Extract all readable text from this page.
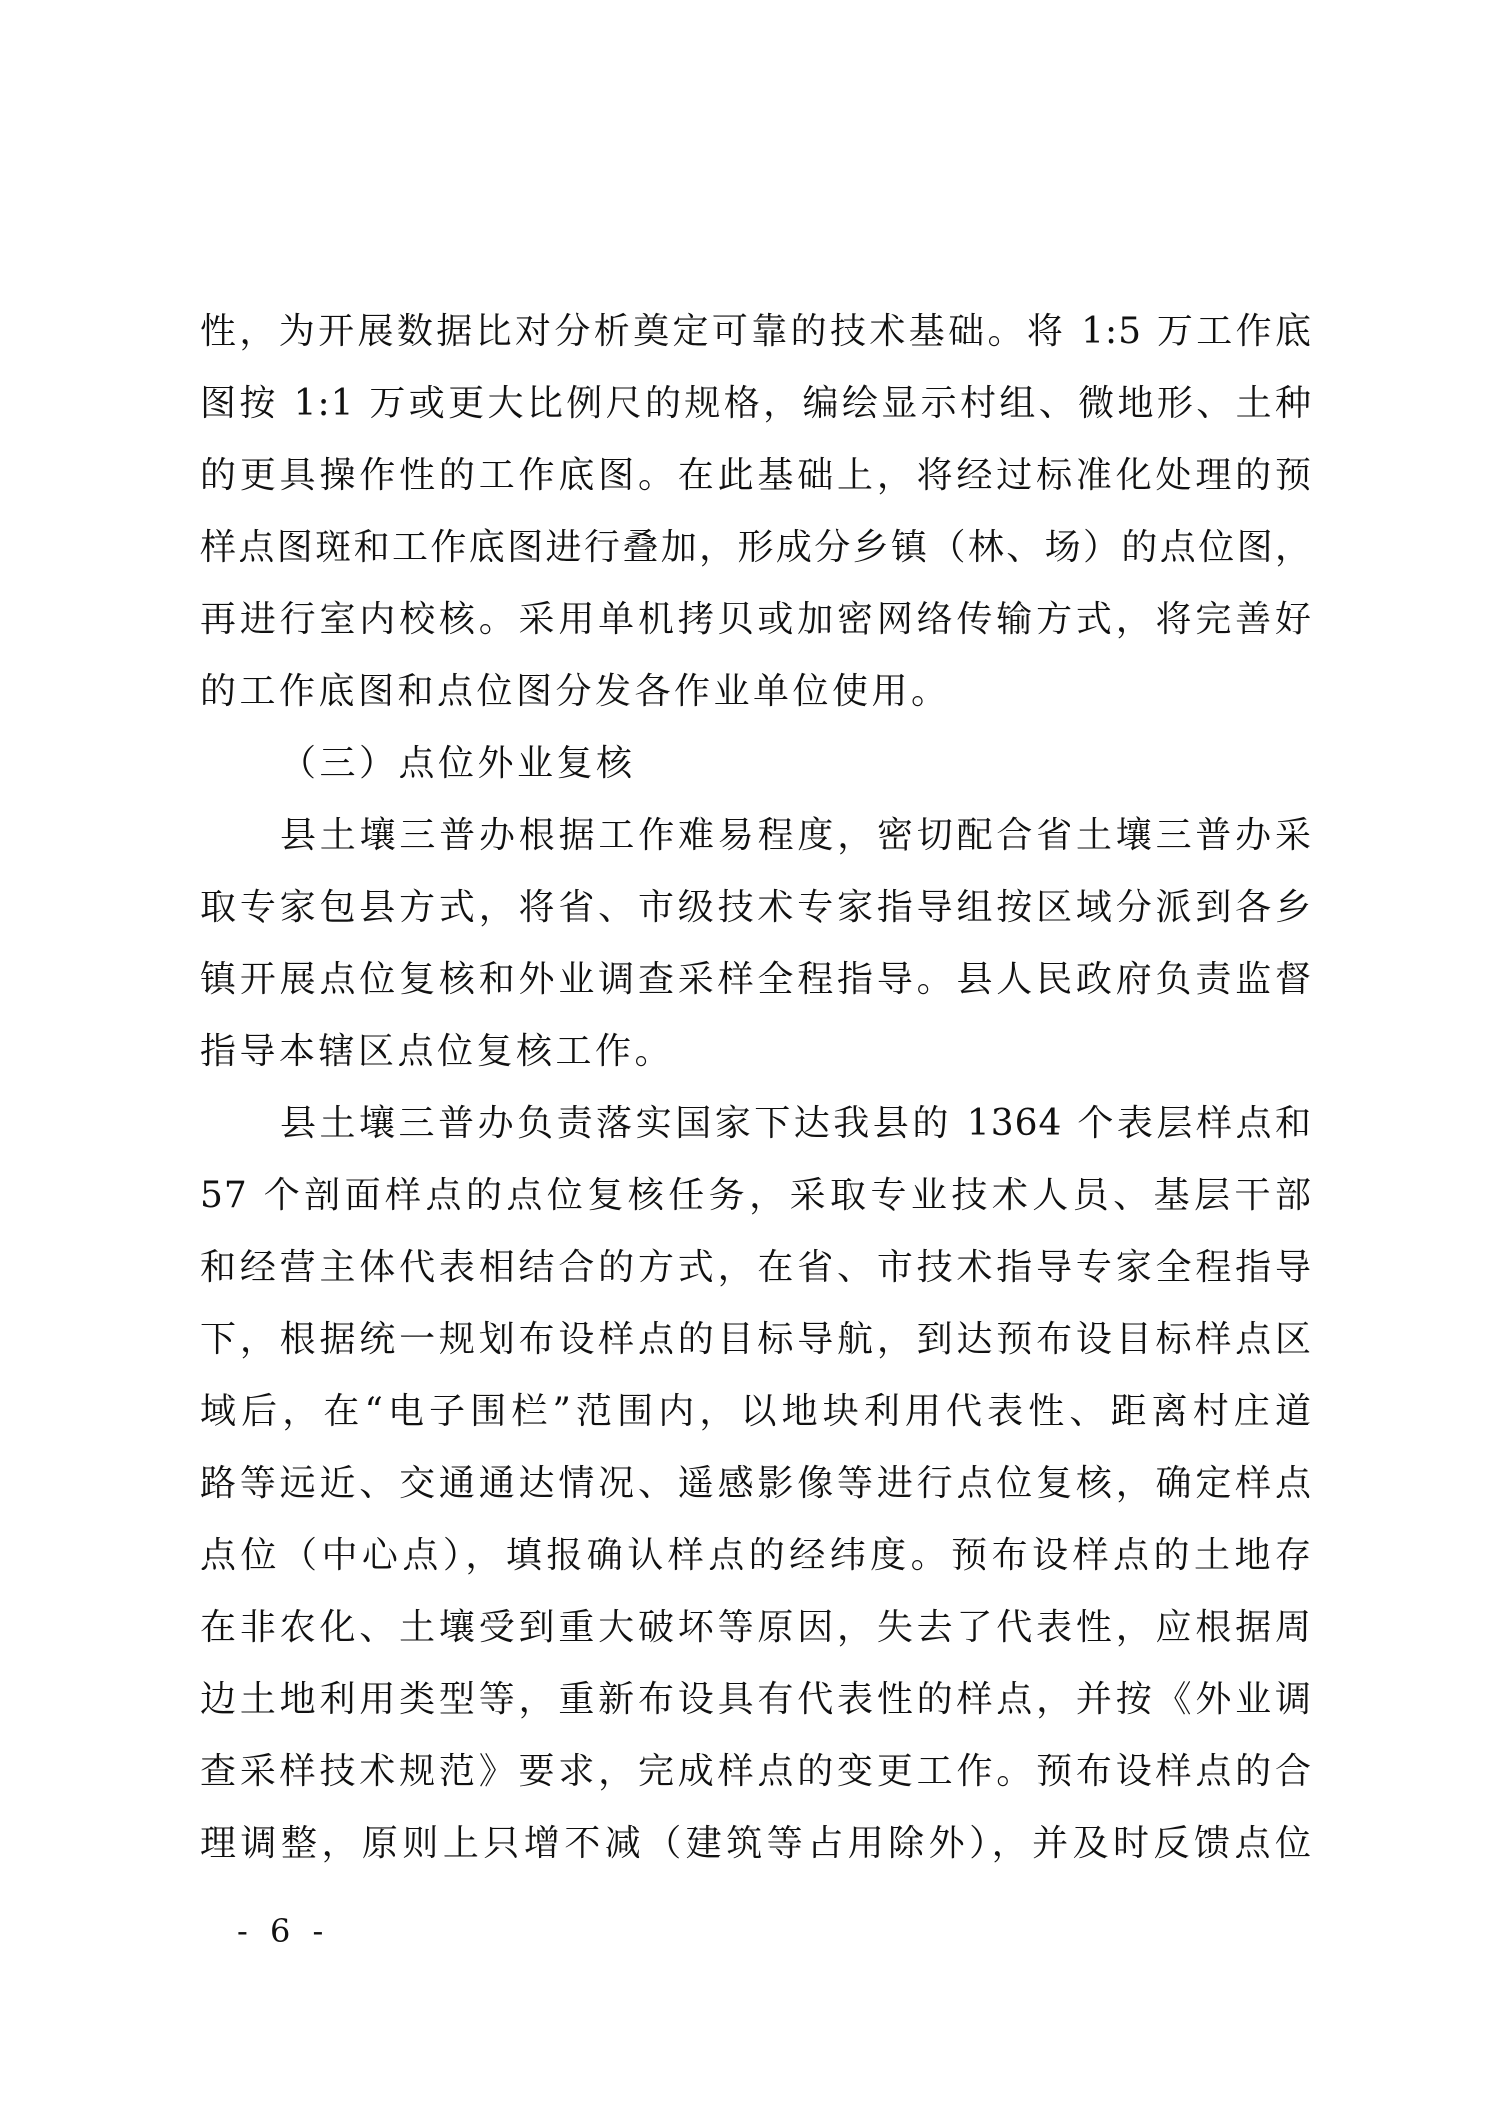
性，为开展数据比对分析奠定可靠的技术基础。将 1:5 万工作底
图按 1:1 万或更大比例尺的规格，编绘显示村组、微地形、土种
的更具操作性的工作底图。在此基础上，将经过标准化处理的预
样点图斑和工作底图进行叠加，形成分乡镇（林、场）的点位图，
再进行室内校核。采用单机拷贝或加密网络传输方式，将完善好
的工作底图和点位图分发各作业单位使用。
（三）点位外业复核
县土壤三普办根据工作难易程度，密切配合省土壤三普办采
取专家包县方式，将省、市级技术专家指导组按区域分派到各乡
镇开展点位复核和外业调查采样全程指导。县人民政府负责监督
指导本辖区点位复核工作。
县土壤三普办负责落实国家下达我县的 1364 个表层样点和
57 个剖面样点的点位复核任务，采取专业技术人员、基层干部
和经营主体代表相结合的方式，在省、市技术指导专家全程指导
下，根据统一规划布设样点的目标导航，到达预布设目标样点区
域后，在“电子围栏”范围内，以地块利用代表性、距离村庄道
路等远近、交通通达情况、遥感影像等进行点位复核，确定样点
点位（中心点），填报确认样点的经纬度。预布设样点的土地存
在非农化、土壤受到重大破坏等原因，失去了代表性，应根据周
边土地利用类型等，重新布设具有代表性的样点，并按《外业调
查采样技术规范》要求，完成样点的变更工作。预布设样点的合
理调整，原则上只增不减（建筑等占用除外），并及时反馈点位
- 6 -
